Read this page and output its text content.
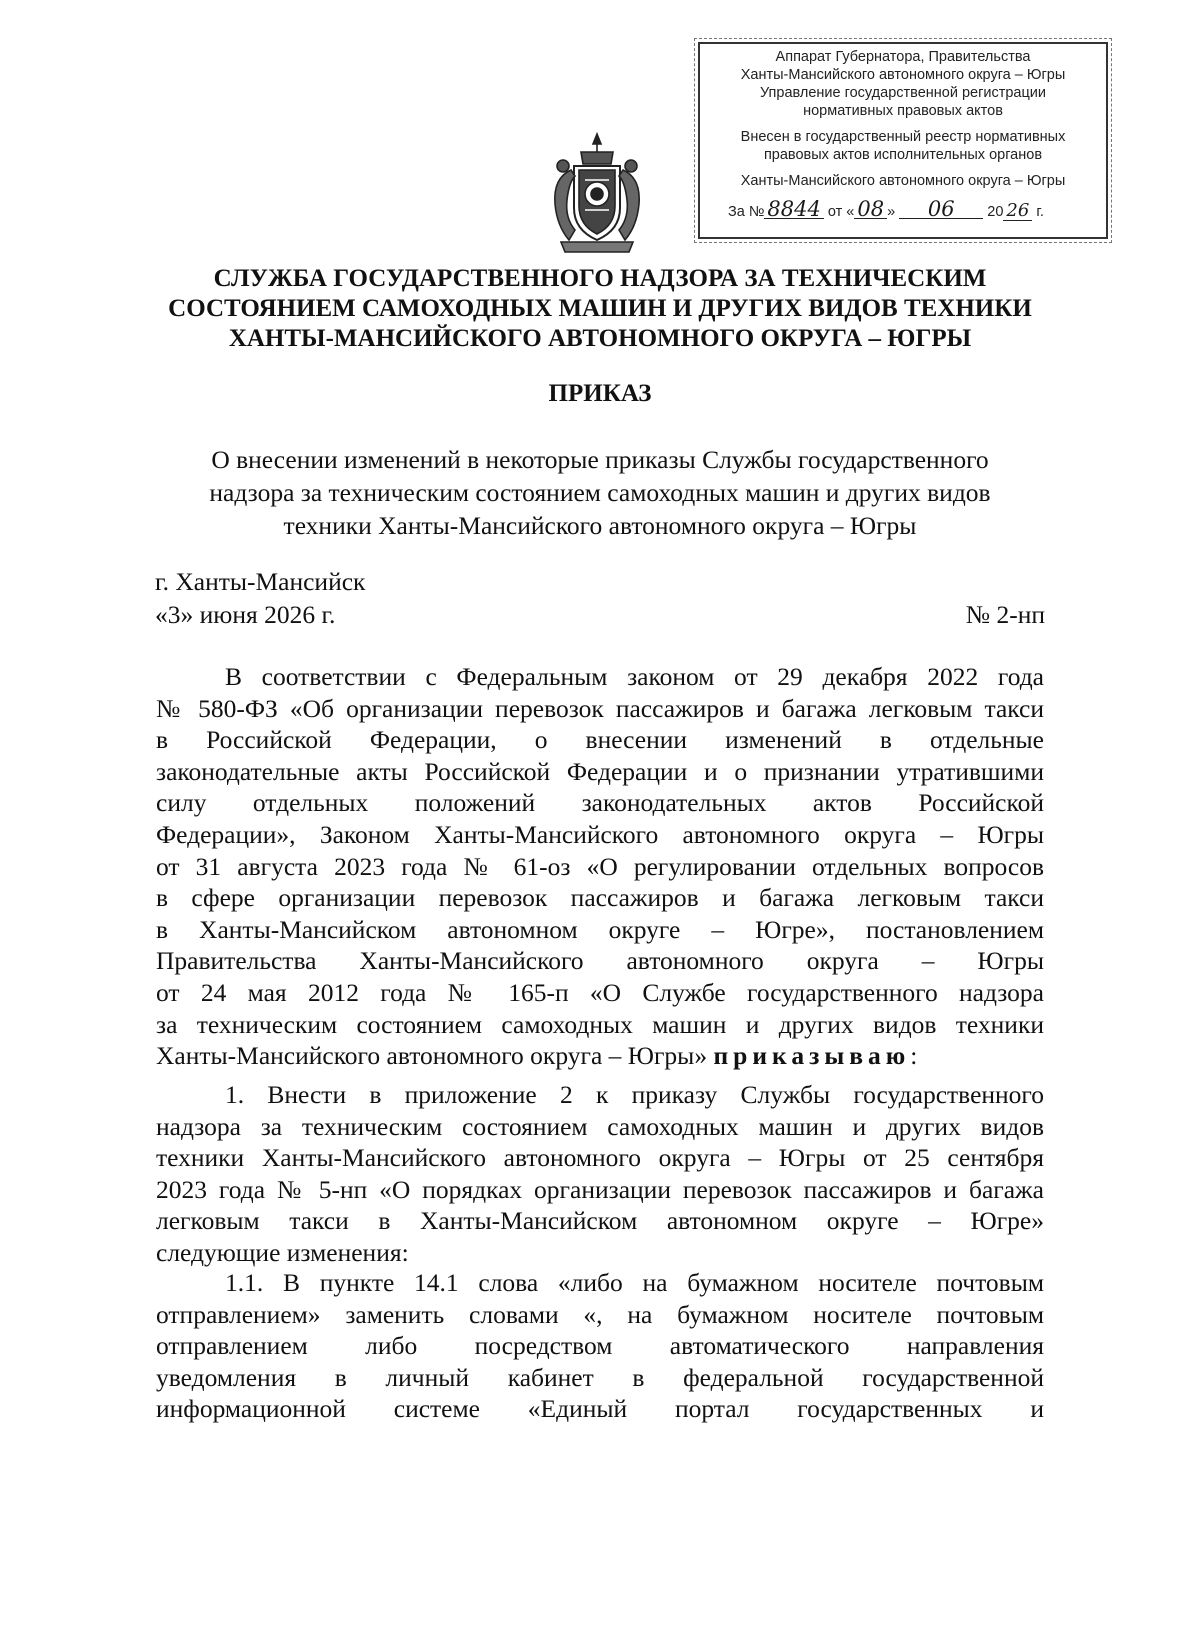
Аппарат Губернатора, Правительства
Ханты-Мансийского автономного округа – Югры
Управление государственной регистрации
нормативных правовых актов
Внесен в государственный реестр нормативных
правовых актов исполнительных органов
Ханты-Мансийского автономного округа – Югры
За № 8844 от « 08 » 06 20 26 г.
СЛУЖБА ГОСУДАРСТВЕННОГО НАДЗОРА ЗА ТЕХНИЧЕСКИМ
СОСТОЯНИЕМ САМОХОДНЫХ МАШИН И ДРУГИХ ВИДОВ ТЕХНИКИ
ХАНТЫ-МАНСИЙСКОГО АВТОНОМНОГО ОКРУГА – ЮГРЫ
ПРИКАЗ
О внесении изменений в некоторые приказы Службы государственного
надзора за техническим состоянием самоходных машин и других видов
техники Ханты-Мансийского автономного округа – Югры
г. Ханты-Мансийск
«3» июня 2026 г.	№ 2-нп
В соответствии с Федеральным законом от 29 декабря 2022 года
№ 580-ФЗ «Об организации перевозок пассажиров и багажа легковым такси
в Российской Федерации, о внесении изменений в отдельные
законодательные акты Российской Федерации и о признании утратившими
силу отдельных положений законодательных актов Российской
Федерации», Законом Ханты-Мансийского автономного округа – Югры
от 31 августа 2023 года № 61-оз «О регулировании отдельных вопросов
в сфере организации перевозок пассажиров и багажа легковым такси
в Ханты-Мансийском автономном округе – Югре», постановлением
Правительства Ханты-Мансийского автономного округа – Югры
от 24 мая 2012 года № 165-п «О Службе государственного надзора
за техническим состоянием самоходных машин и других видов техники
Ханты-Мансийского автономного округа – Югры» приказываю:
1. Внести в приложение 2 к приказу Службы государственного
надзора за техническим состоянием самоходных машин и других видов
техники Ханты-Мансийского автономного округа – Югры от 25 сентября
2023 года № 5-нп «О порядках организации перевозок пассажиров и багажа
легковым такси в Ханты-Мансийском автономном округе – Югре»
следующие изменения:
1.1. В пункте 14.1 слова «либо на бумажном носителе почтовым
отправлением» заменить словами «, на бумажном носителе почтовым
отправлением либо посредством автоматического направления
уведомления в личный кабинет в федеральной государственной
информационной системе «Единый портал государственных и
